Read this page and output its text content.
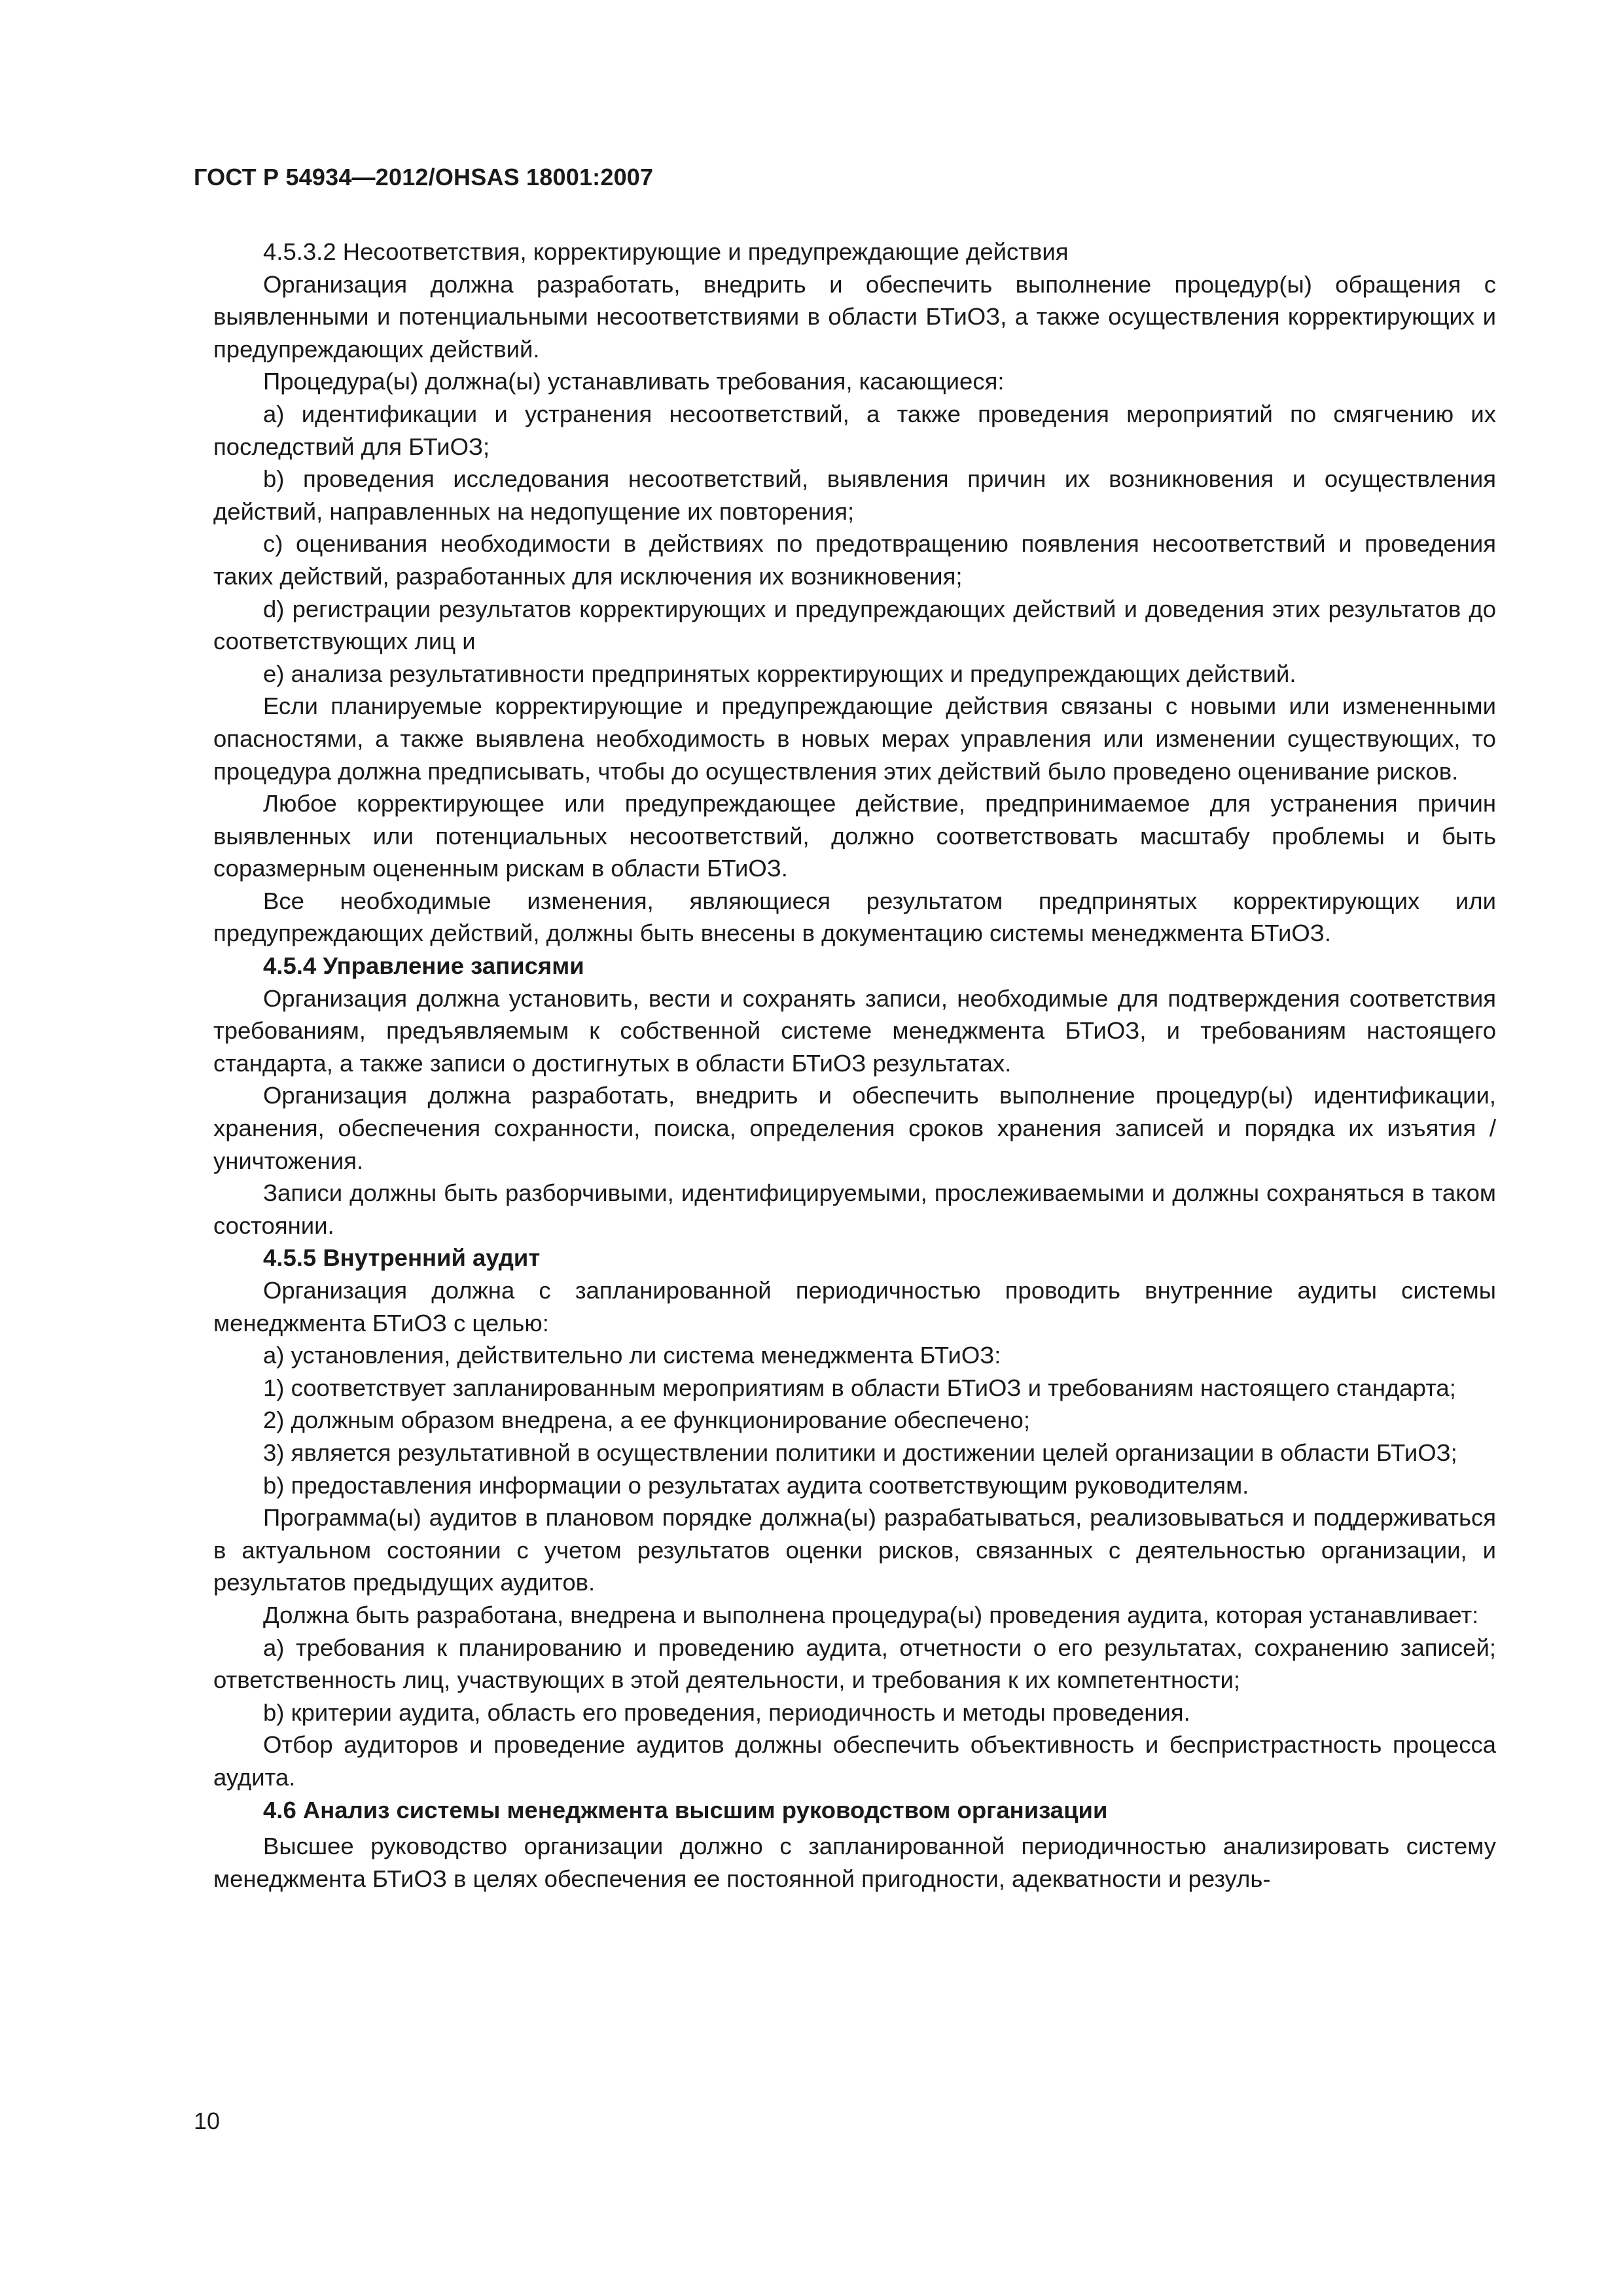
ГОСТ Р 54934—2012/OHSAS 18001:2007

4.5.3.2 Несоответствия, корректирующие и предупреждающие действия

Организация должна разработать, внедрить и обеспечить выполнение процедур(ы) обращения с выявленными и потенциальными несоответствиями в области БТиОЗ, а также осуществления корректирующих и предупреждающих действий.

Процедура(ы) должна(ы) устанавливать требования, касающиеся:

a) идентификации и устранения несоответствий, а также проведения мероприятий по смягчению их последствий для БТиОЗ;

b) проведения исследования несоответствий, выявления причин их возникновения и осуществления действий, направленных на недопущение их повторения;

c) оценивания необходимости в действиях по предотвращению появления несоответствий и проведения таких действий, разработанных для исключения их возникновения;

d) регистрации результатов корректирующих и предупреждающих действий и доведения этих результатов до соответствующих лиц и

e) анализа результативности предпринятых корректирующих и предупреждающих действий.

Если планируемые корректирующие и предупреждающие действия связаны с новыми или измененными опасностями, а также выявлена необходимость в новых мерах управления или изменении существующих, то процедура должна предписывать, чтобы до осуществления этих действий было проведено оценивание рисков.

Любое корректирующее или предупреждающее действие, предпринимаемое для устранения причин выявленных или потенциальных несоответствий, должно соответствовать масштабу проблемы и быть соразмерным оцененным рискам в области БТиОЗ.

Все необходимые изменения, являющиеся результатом предпринятых корректирующих или предупреждающих действий, должны быть внесены в документацию системы менеджмента БТиОЗ.

4.5.4 Управление записями

Организация должна установить, вести и сохранять записи, необходимые для подтверждения соответствия требованиям, предъявляемым к собственной системе менеджмента БТиОЗ, и требованиям настоящего стандарта, а также записи о достигнутых в области БТиОЗ результатах.

Организация должна разработать, внедрить и обеспечить выполнение процедур(ы) идентификации, хранения, обеспечения сохранности, поиска, определения сроков хранения записей и порядка их изъятия /уничтожения.

Записи должны быть разборчивыми, идентифицируемыми, прослеживаемыми и должны сохраняться в таком состоянии.

4.5.5 Внутренний аудит

Организация должна с запланированной периодичностью проводить внутренние аудиты системы менеджмента БТиОЗ с целью:

a) установления, действительно ли система менеджмента БТиОЗ:

1) соответствует запланированным мероприятиям в области БТиОЗ и требованиям настоящего стандарта;

2) должным образом внедрена, а ее функционирование обеспечено;

3) является результативной в осуществлении политики и достижении целей организации в области БТиОЗ;

b) предоставления информации о результатах аудита соответствующим руководителям.

Программа(ы) аудитов в плановом порядке должна(ы) разрабатываться, реализовываться и поддерживаться в актуальном состоянии с учетом результатов оценки рисков, связанных с деятельностью организации, и результатов предыдущих аудитов.

Должна быть разработана, внедрена и выполнена процедура(ы) проведения аудита, которая устанавливает:

a) требования к планированию и проведению аудита, отчетности о его результатах, сохранению записей; ответственность лиц, участвующих в этой деятельности, и требования к их компетентности;

b) критерии аудита, область его проведения, периодичность и методы проведения.

Отбор аудиторов и проведение аудитов должны обеспечить объективность и беспристрастность процесса аудита.

4.6 Анализ системы менеджмента высшим руководством организации

Высшее руководство организации должно с запланированной периодичностью анализировать систему менеджмента БТиОЗ в целях обеспечения ее постоянной пригодности, адекватности и резуль-

10
